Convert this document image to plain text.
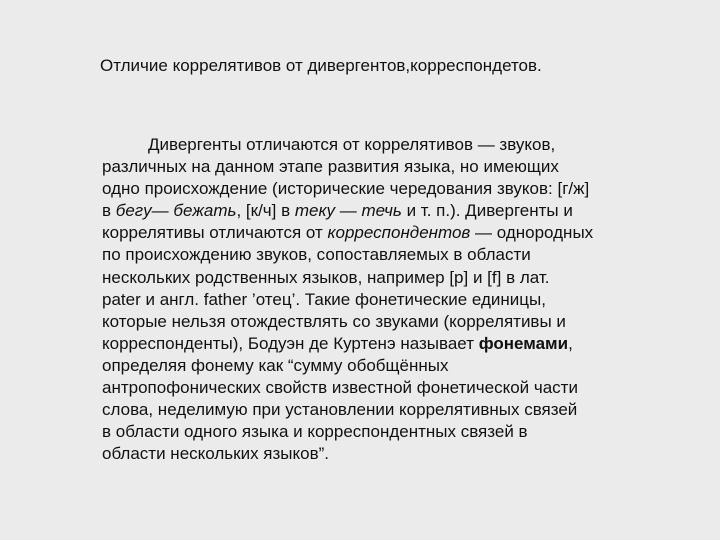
Отличие коррелятивов от дивергентов,корреспондетов.
Дивергенты отличаются от коррелятивов — звуков,
различных на данном этапе развития языка, но имеющих
одно происхождение (исторические чередования звуков: [г/ж]
в бегу— бежать, [к/ч] в теку — течь и т. п.). Дивергенты и
коррелятивы отличаются от корреспондентов — однородных
по происхождению звуков, сопоставляемых в области
нескольких родственных языков, например [р] и [f] в лат.
pater и англ. father ’отец’. Такие фонетические единицы,
которые нельзя отождествлять со звуками (коррелятивы и
корреспонденты), Бодуэн де Куртенэ называет фонемами,
определяя фонему как “сумму обобщённых
антропофонических свойств известной фонетической части
слова, неделимую при установлении коррелятивных связей
в области одного языка и корреспондентных связей в
области нескольких языков”.
